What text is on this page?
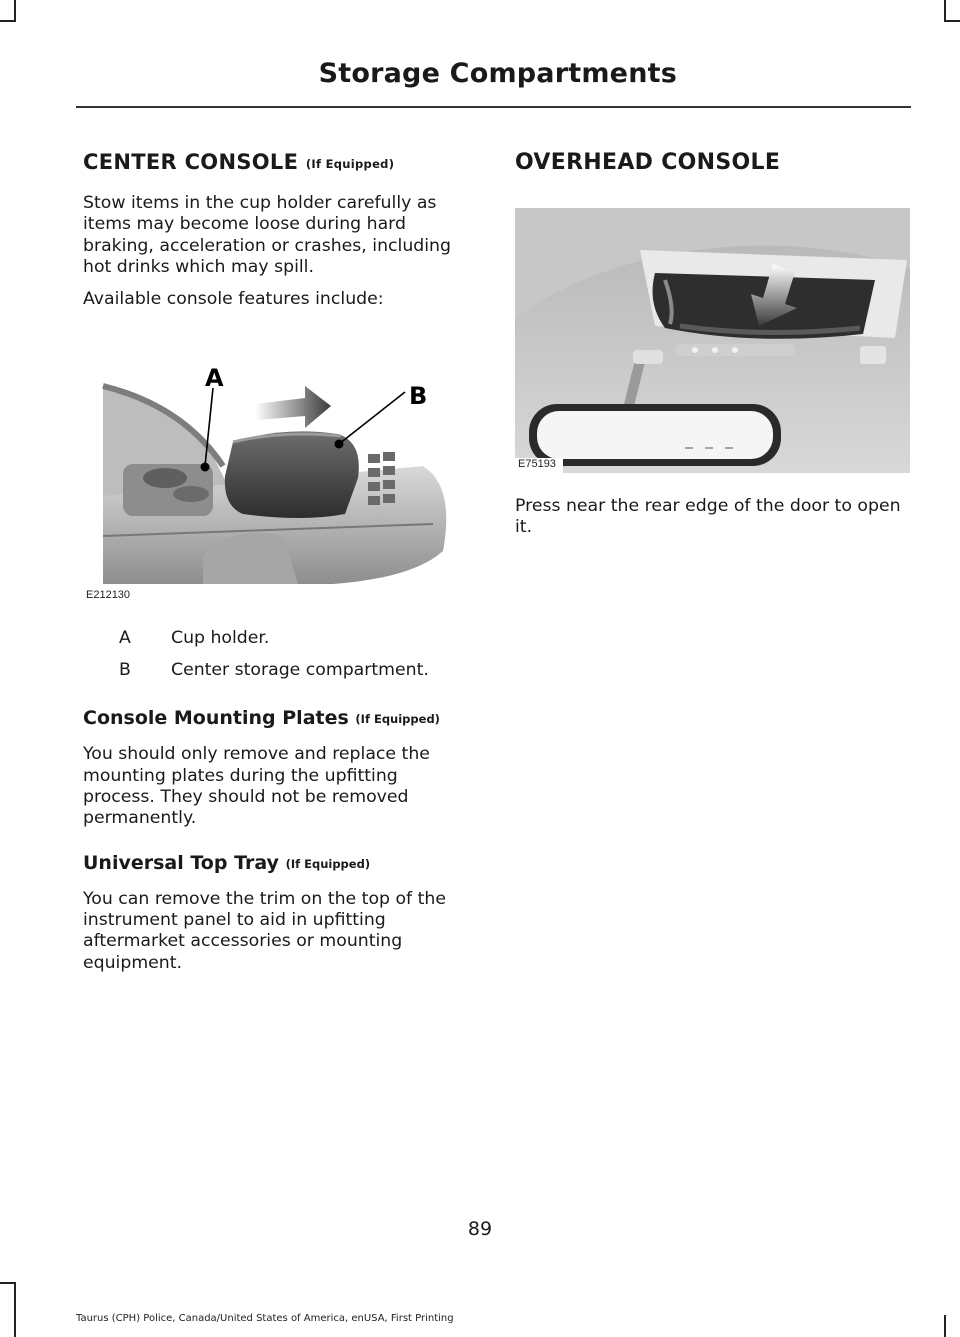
Storage Compartments
CENTER CONSOLE (If Equipped)

Stow items in the cup holder carefully as items may become loose during hard braking, acceleration or crashes, including hot drinks which may spill.

Available console features include:

A
B
E212130
A	Cup holder.
B	Center storage compartment.
Console Mounting Plates (If Equipped)

You should only remove and replace the mounting plates during the upfitting process. They should not be removed permanently.

Universal Top Tray (If Equipped)

You can remove the trim on the top of the instrument panel to aid in upfitting aftermarket accessories or mounting equipment.

OVERHEAD CONSOLE
E75193

Press near the rear edge of the door to open it.

89
Taurus (CPH) Police, Canada/United States of America, enUSA, First Printing
